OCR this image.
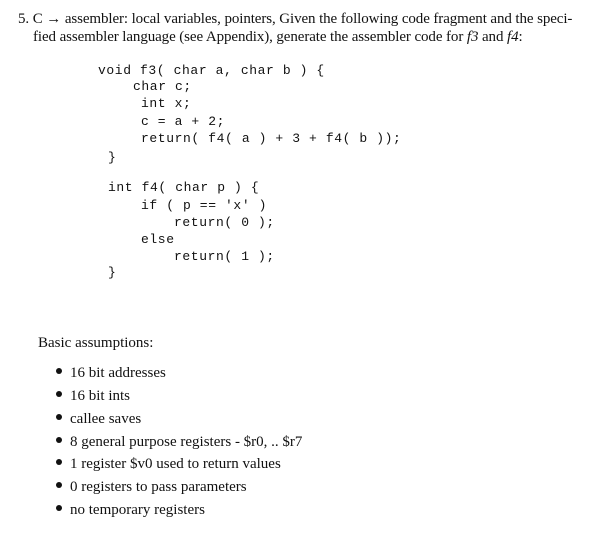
5. C → assembler: local variables, pointers, Given the following code fragment and the speci-
fied assembler language (see Appendix), generate the assembler code for f3 and f4:
void f3( char a, char b ) {
char c;
int x;
c = a + 2;
return( f4( a ) + 3 + f4( b ));
}
int f4( char p ) {
if ( p == 'x' )
return( 0 );
else
return( 1 );
}
Basic assumptions:
16 bit addresses
16 bit ints
callee saves
8 general purpose registers - $r0, .. $r7
1 register $v0 used to return values
0 registers to pass parameters
no temporary registers
